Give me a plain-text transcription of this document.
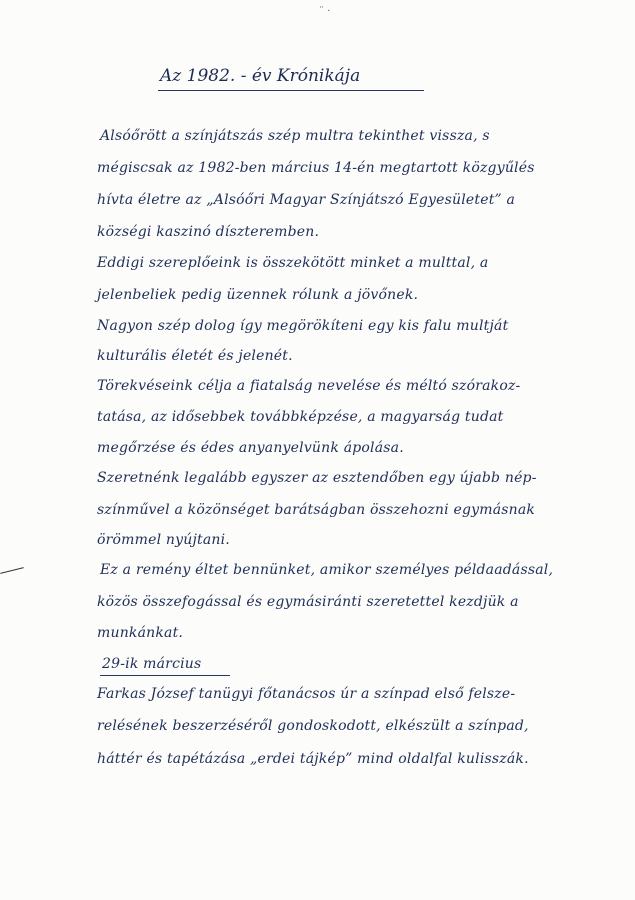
¨ ·
Az 1982. - év Krónikája
Alsóőrött a színjátszás szép multra tekinthet vissza, s
mégiscsak az 1982-ben március 14-én megtartott közgyűlés
hívta életre az „Alsóőri Magyar Színjátszó Egyesületet” a
községi kaszinó díszteremben.
Eddigi szereplőeink is összekötött minket a multtal, a
jelenbeliek pedig üzennek rólunk a jövőnek.
Nagyon szép dolog így megörökíteni egy kis falu multját
kulturális életét és jelenét.
Törekvéseink célja a fiatalság nevelése és méltó szórakoz-
tatása, az idősebbek továbbképzése, a magyarság tudat
megőrzése és édes anyanyelvünk ápolása.
Szeretnénk legalább egyszer az esztendőben egy újabb nép-
színművel a közönséget barátságban összehozni egymásnak
örömmel nyújtani.
Ez a remény éltet bennünket, amikor személyes példaadással,
közös összefogással és egymásiránti szeretettel kezdjük a
munkánkat.
29-ik március
Farkas József tanügyi főtanácsos úr a színpad első felsze-
relésének beszerzéséről gondoskodott, elkészült a színpad,
háttér és tapétázása „erdei tájkép” mind oldalfal kulisszák.
